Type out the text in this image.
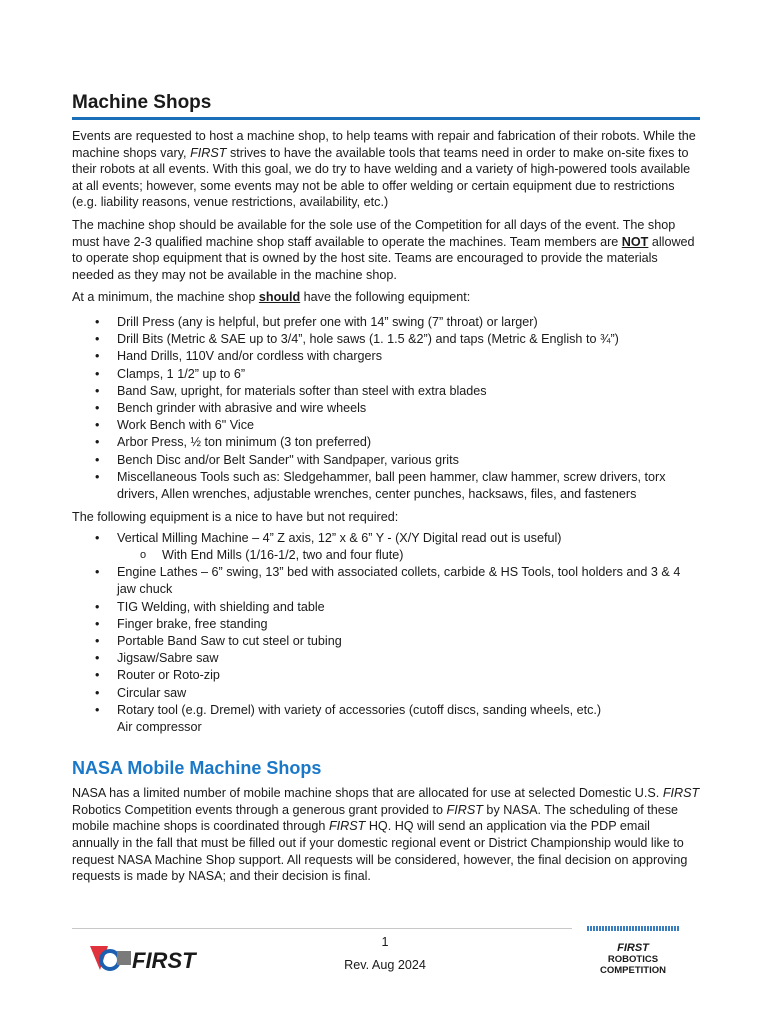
Machine Shops

Events are requested to host a machine shop, to help teams with repair and fabrication of their robots. While the machine shops vary, FIRST strives to have the available tools that teams need in order to make on-site fixes to their robots at all events. With this goal, we do try to have welding and a variety of high-powered tools available at all events; however, some events may not be able to offer welding or certain equipment due to restrictions (e.g. liability reasons, venue restrictions, availability, etc.)

The machine shop should be available for the sole use of the Competition for all days of the event. The shop must have 2-3 qualified machine shop staff available to operate the machines. Team members are NOT allowed to operate shop equipment that is owned by the host site. Teams are encouraged to provide the materials needed as they may not be available in the machine shop.

At a minimum, the machine shop should have the following equipment:

• Drill Press (any is helpful, but prefer one with 14” swing (7” throat) or larger)
• Drill Bits (Metric & SAE up to 3/4”, hole saws (1. 1.5 &2”) and taps (Metric & English to ¾”)
• Hand Drills, 110V and/or cordless with chargers
• Clamps, 1 1/2” up to 6”
• Band Saw, upright, for materials softer than steel with extra blades
• Bench grinder with abrasive and wire wheels
• Work Bench with 6" Vice
• Arbor Press, ½ ton minimum (3 ton preferred)
• Bench Disc and/or Belt Sander" with Sandpaper, various grits
• Miscellaneous Tools such as: Sledgehammer, ball peen hammer, claw hammer, screw drivers, torx drivers, Allen wrenches, adjustable wrenches, center punches, hacksaws, files, and fasteners

The following equipment is a nice to have but not required:

• Vertical Milling Machine – 4” Z axis, 12” x & 6” Y - (X/Y Digital read out is useful)
o With End Mills (1/16-1/2, two and four flute)
• Engine Lathes – 6” swing, 13” bed with associated collets, carbide & HS Tools, tool holders and 3 & 4 jaw chuck
• TIG Welding, with shielding and table
• Finger brake, free standing
• Portable Band Saw to cut steel or tubing
• Jigsaw/Sabre saw
• Router or Roto-zip
• Circular saw
• Rotary tool (e.g. Dremel) with variety of accessories (cutoff discs, sanding wheels, etc.)
Air compressor
NASA Mobile Machine Shops

NASA has a limited number of mobile machine shops that are allocated for use at selected Domestic U.S. FIRST Robotics Competition events through a generous grant provided to FIRST by NASA. The scheduling of these mobile machine shops is coordinated through FIRST HQ. HQ will send an application via the PDP email annually in the fall that must be filled out if your domestic regional event or District Championship would like to request NASA Machine Shop support. All requests will be considered, however, the final decision on approving requests is made by NASA; and their decision is final.

FIRST
1
Rev. Aug 2024
FIRST
ROBOTICS
COMPETITION
